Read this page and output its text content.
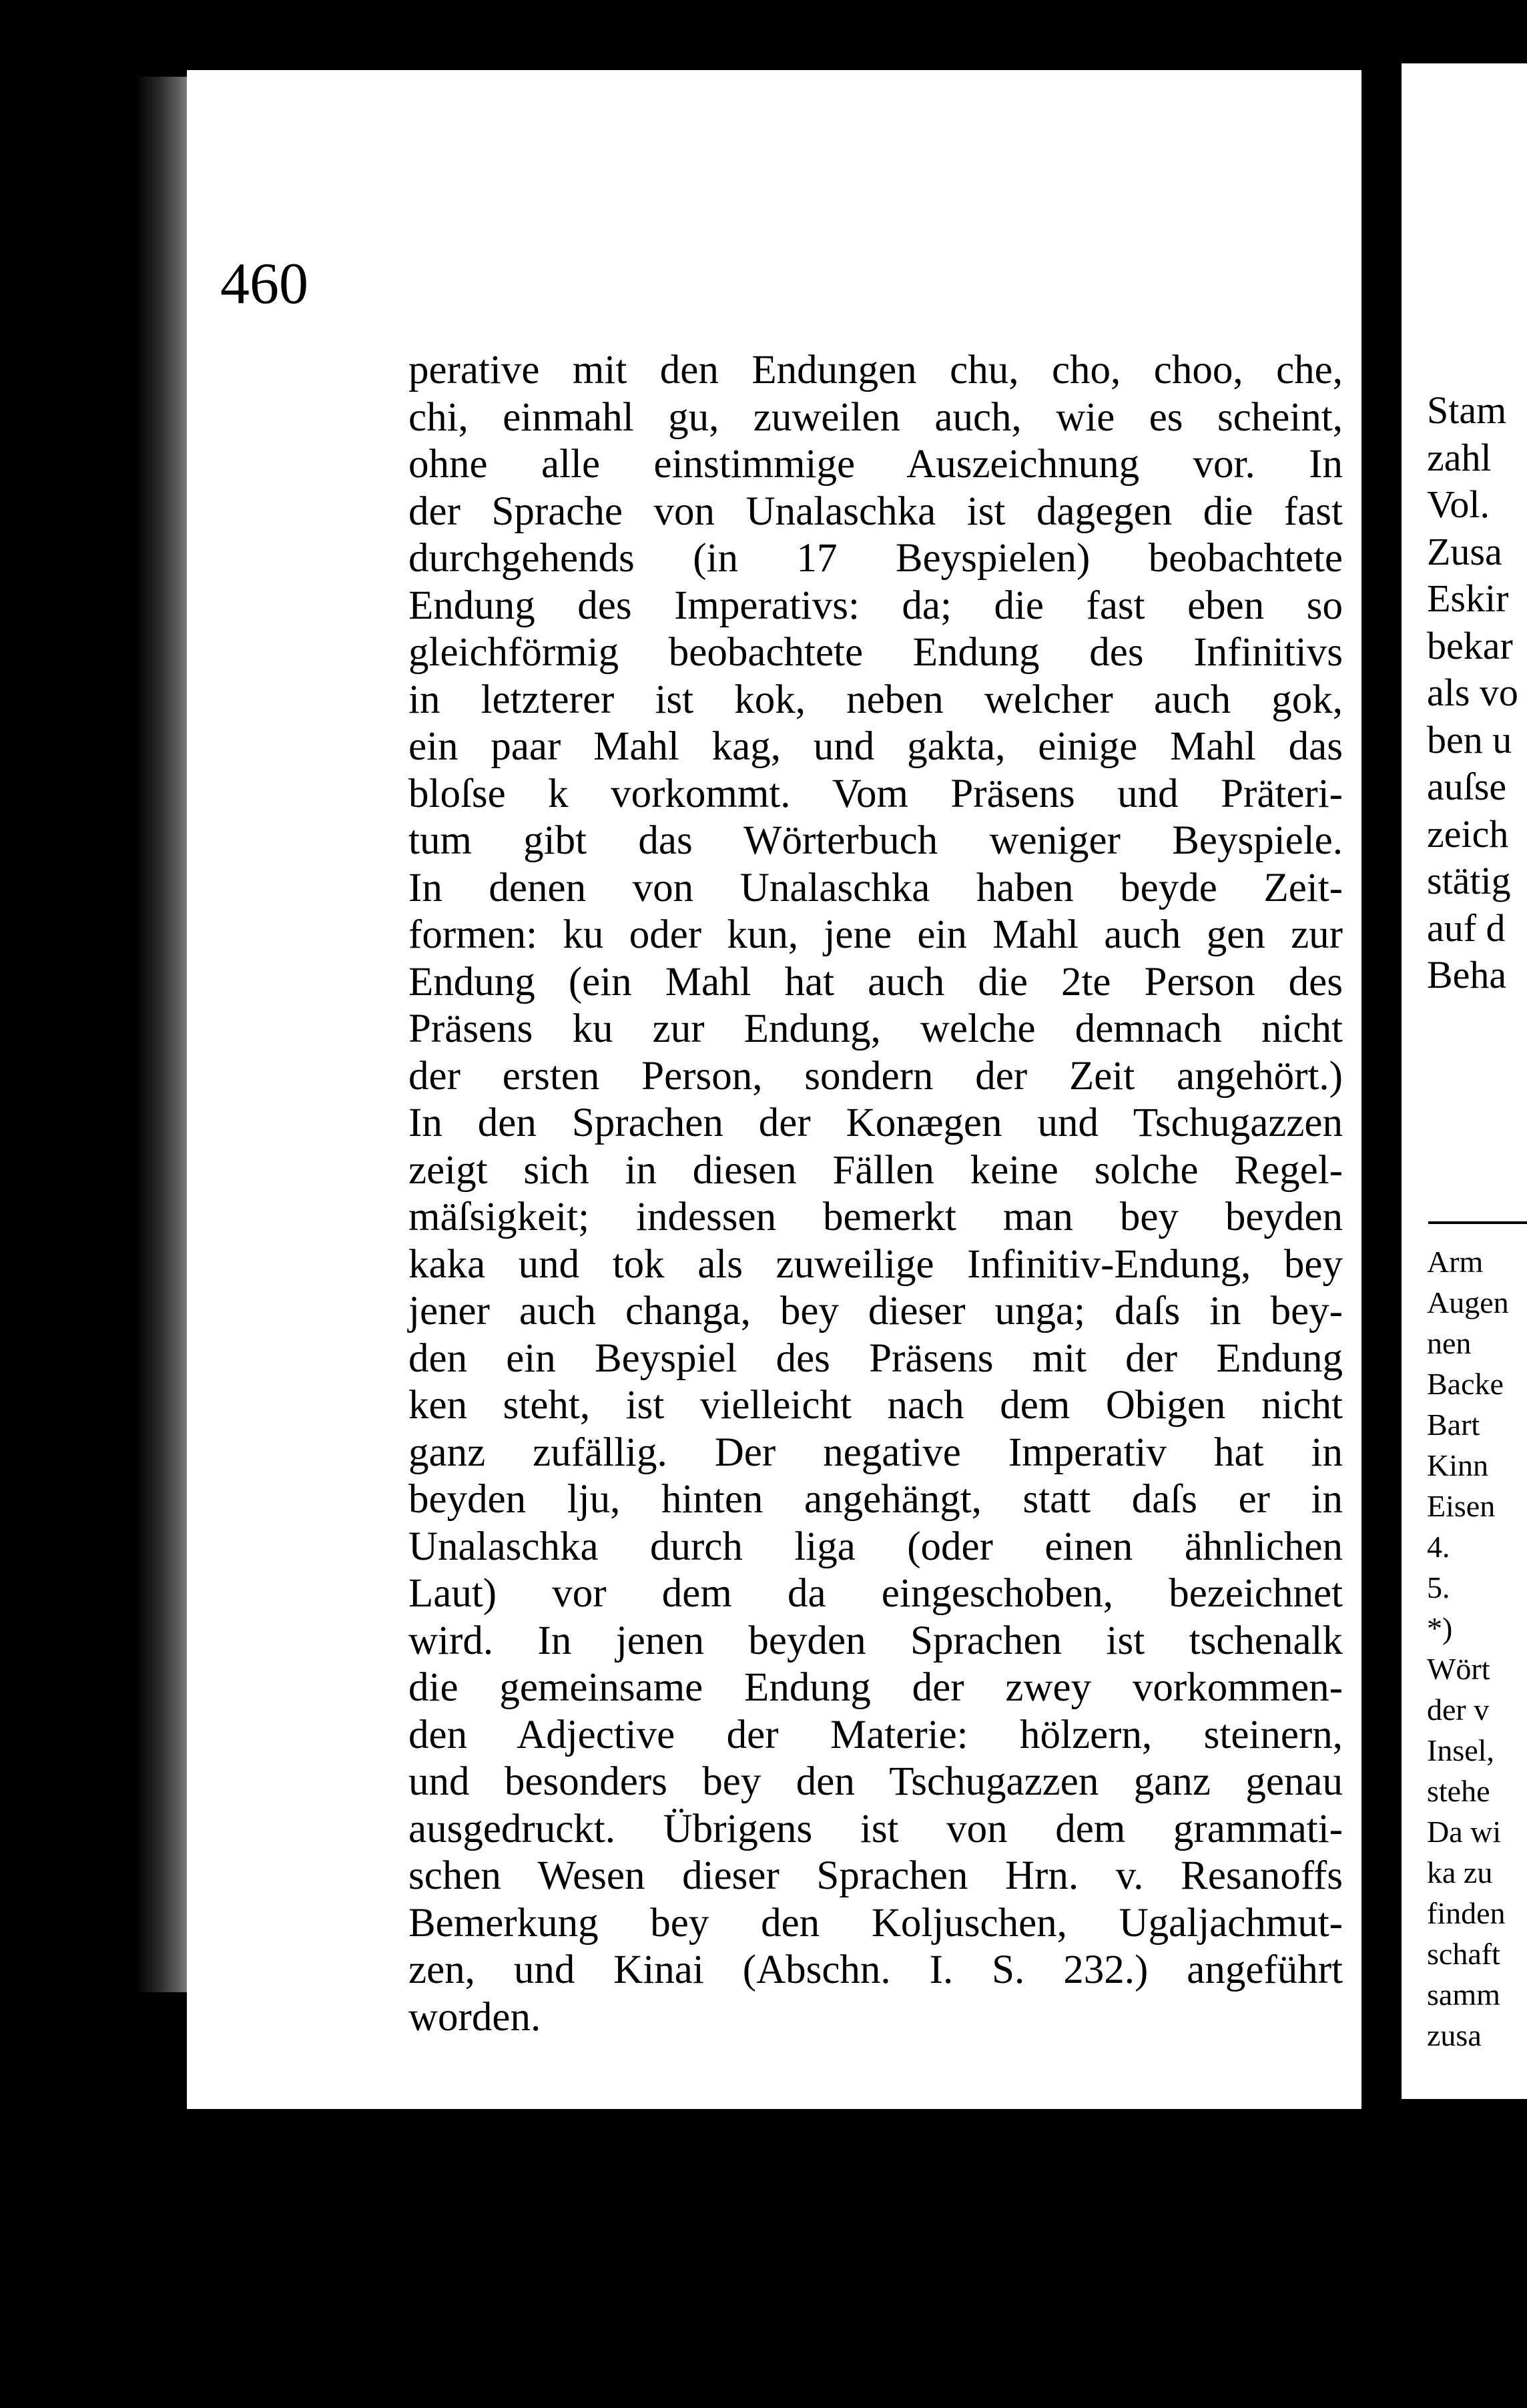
460
perative mit den Endungen chu, cho, choo, che,
chi, einmahl gu, zuweilen auch, wie es scheint,
ohne alle einstimmige Auszeichnung vor. In
der Sprache von Unalaschka ist dagegen die fast
durchgehends (in 17 Beyspielen) beobachtete
Endung des Imperativs: da; die fast eben so
gleichförmig beobachtete Endung des Infinitivs
in letzterer ist kok, neben welcher auch gok,
ein paar Mahl kag, und gakta, einige Mahl das
bloſse k vorkommt. Vom Präsens und Präteri-
tum gibt das Wörterbuch weniger Beyspiele.
In denen von Unalaschka haben beyde Zeit-
formen: ku oder kun, jene ein Mahl auch gen zur
Endung (ein Mahl hat auch die 2te Person des
Präsens ku zur Endung, welche demnach nicht
der ersten Person, sondern der Zeit angehört.)
In den Sprachen der Konægen und Tschugazzen
zeigt sich in diesen Fällen keine solche Regel-
mäſsigkeit; indessen bemerkt man bey beyden
kaka und tok als zuweilige Infinitiv-Endung, bey
jener auch changa, bey dieser unga; daſs in bey-
den ein Beyspiel des Präsens mit der Endung
ken steht, ist vielleicht nach dem Obigen nicht
ganz zufällig. Der negative Imperativ hat in
beyden lju, hinten angehängt, statt daſs er in
Unalaschka durch liga (oder einen ähnlichen
Laut) vor dem da eingeschoben, bezeichnet
wird. In jenen beyden Sprachen ist tschenalk
die gemeinsame Endung der zwey vorkommen-
den Adjective der Materie: hölzern, steinern,
und besonders bey den Tschugazzen ganz genau
ausgedruckt. Übrigens ist von dem grammati-
schen Wesen dieser Sprachen Hrn. v. Resanoffs
Bemerkung bey den Koljuschen, Ugaljachmut-
zen, und Kinai (Abschn. I. S. 232.) angeführt
worden.
Stam
zahl
Vol.
Zusa
Eskir
bekar
als vo
ben u
auſse
zeich
stätig
auf d
Beha
Arm
Augen
nen
Backe
Bart
Kinn
Eisen
4.
5.
*)
Wört
der v
Insel,
stehe
Da wi
ka zu
finden
schaft
samm
zusa
